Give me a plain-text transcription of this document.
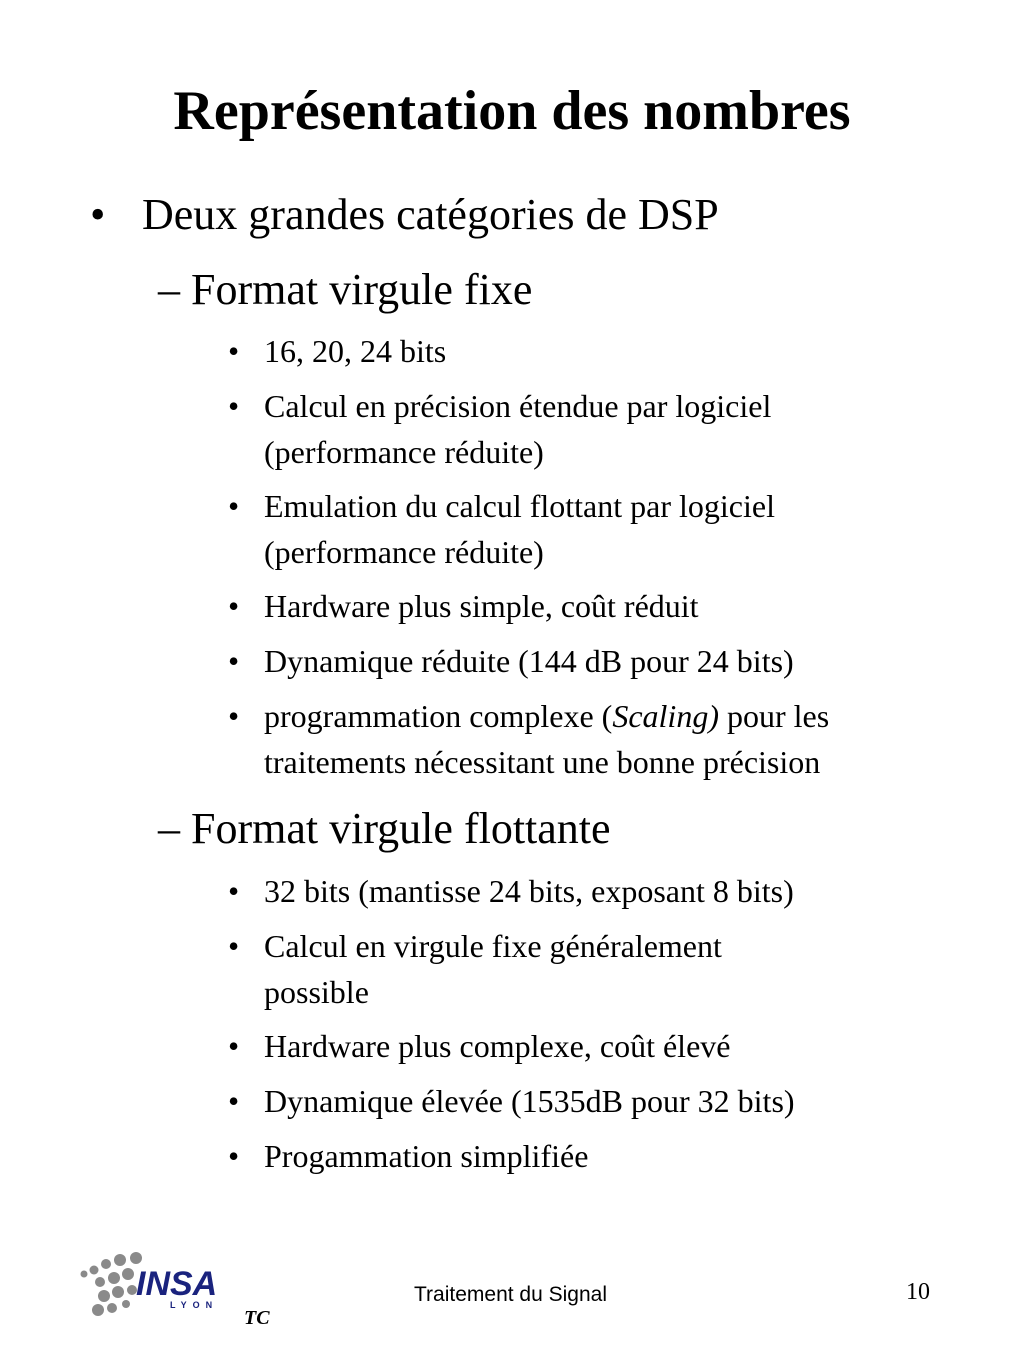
Représentation des nombres
• Deux grandes catégories de DSP
– Format virgule fixe
• 16, 20, 24 bits
• Calcul en précision étendue par logiciel
(performance réduite)
• Emulation du calcul flottant par logiciel
(performance réduite)
• Hardware plus simple, coût réduit
• Dynamique réduite (144 dB pour 24 bits)
• programmation complexe (Scaling) pour les
traitements nécessitant une bonne précision
– Format virgule flottante
• 32 bits (mantisse 24 bits, exposant 8 bits)
• Calcul en virgule fixe généralement
possible
• Hardware plus complexe, coût élevé
• Dynamique élevée (1535dB pour 32 bits)
• Progammation simplifiée
INSA
LYON
TC
Traitement du Signal	10
